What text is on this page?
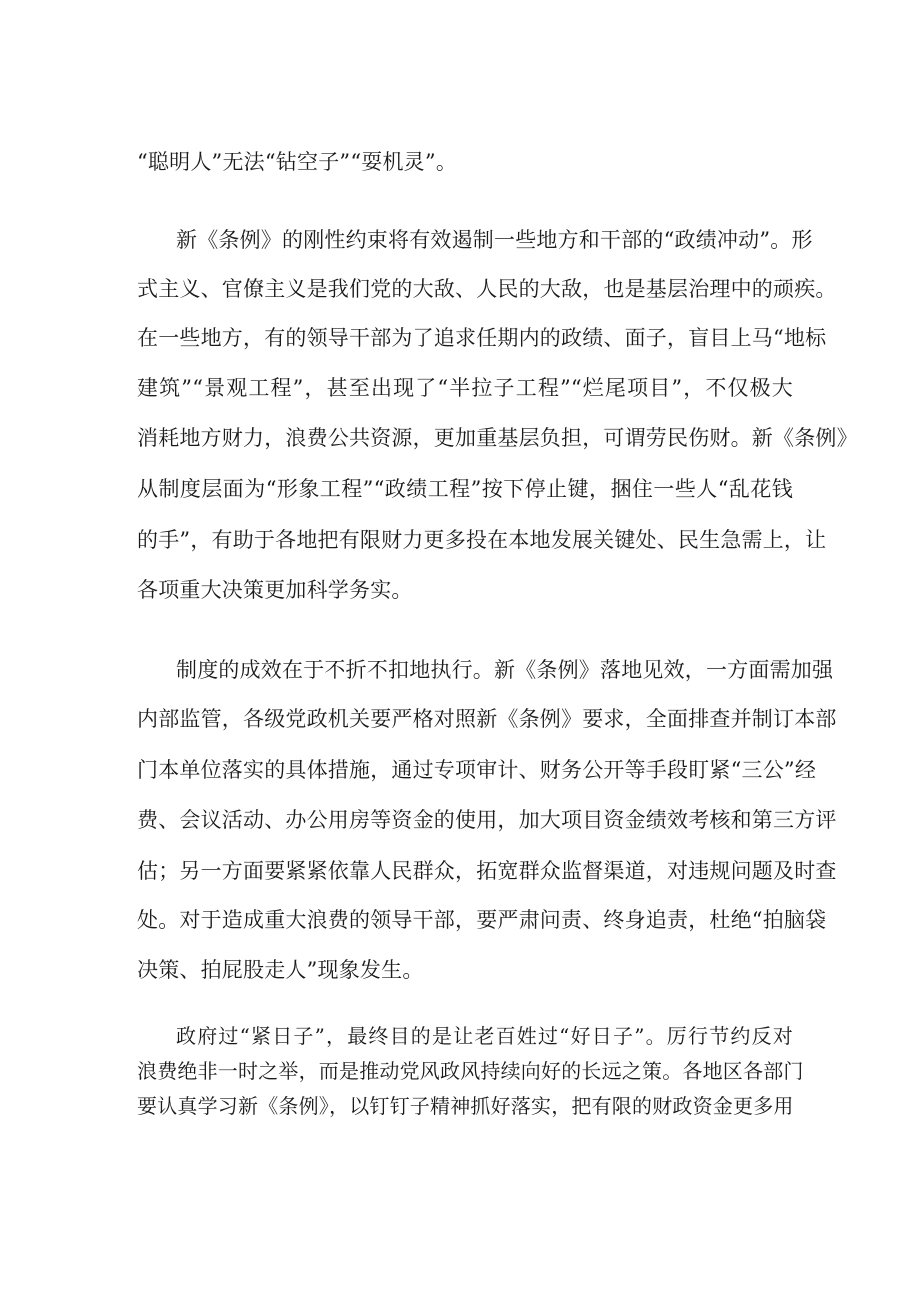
“聪明人”无法“钻空子”“耍机灵”。
新《条例》的刚性约束将有效遏制一些地方和干部的“政绩冲动”。形
式主义、官僚主义是我们党的大敌、人民的大敌，也是基层治理中的顽疾。
在一些地方，有的领导干部为了追求任期内的政绩、面子，盲目上马“地标
建筑”“景观工程”，甚至出现了“半拉子工程”“烂尾项目”，不仅极大
消耗地方财力，浪费公共资源，更加重基层负担，可谓劳民伤财。新《条例》
从制度层面为“形象工程”“政绩工程”按下停止键，捆住一些人“乱花钱
的手”，有助于各地把有限财力更多投在本地发展关键处、民生急需上，让
各项重大决策更加科学务实。
制度的成效在于不折不扣地执行。新《条例》落地见效，一方面需加强
内部监管，各级党政机关要严格对照新《条例》要求，全面排查并制订本部
门本单位落实的具体措施，通过专项审计、财务公开等手段盯紧“三公”经
费、会议活动、办公用房等资金的使用，加大项目资金绩效考核和第三方评
估；另一方面要紧紧依靠人民群众，拓宽群众监督渠道，对违规问题及时查
处。对于造成重大浪费的领导干部，要严肃问责、终身追责，杜绝“拍脑袋
决策、拍屁股走人”现象发生。
政府过“紧日子”，最终目的是让老百姓过“好日子”。厉行节约反对
浪费绝非一时之举，而是推动党风政风持续向好的长远之策。各地区各部门
要认真学习新《条例》，以钉钉子精神抓好落实，把有限的财政资金更多用
